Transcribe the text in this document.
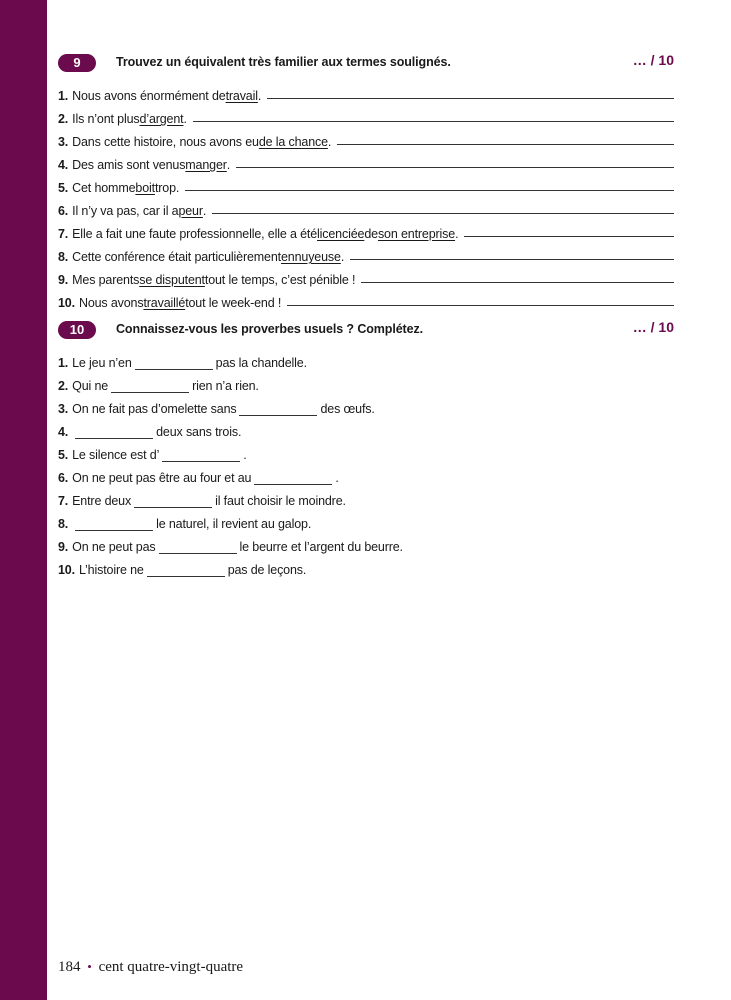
9	Trouvez un équivalent très familier aux termes soulignés.	… / 10
1. Nous avons énormément de travail .
2. Ils n’ont plus d’argent .
3. Dans cette histoire, nous avons eu de la chance .
4. Des amis sont venus manger .
5. Cet homme boit trop.
6. Il n’y va pas, car il a peur .
7. Elle a fait une faute professionnelle, elle a été licenciée de son entreprise .
8. Cette conférence était particulièrement ennuyeuse .
9. Mes parents se disputent tout le temps, c’est pénible !
10. Nous avons travaillé tout le week-end !
10	Connaissez-vous les proverbes usuels ? Complétez.	… / 10
1. Le jeu n’en	pas la chandelle.
2. Qui ne	rien n’a rien.
3. On ne fait pas d’omelette sans	des œufs.
4.	deux sans trois.
5. Le silence est d’	.
6. On ne peut pas être au four et au	.
7. Entre deux	il faut choisir le moindre.
8.	le naturel, il revient au galop.
9. On ne peut pas	le beurre et l’argent du beurre.
10. L’histoire ne	pas de leçons.
184 • cent quatre-vingt-quatre
